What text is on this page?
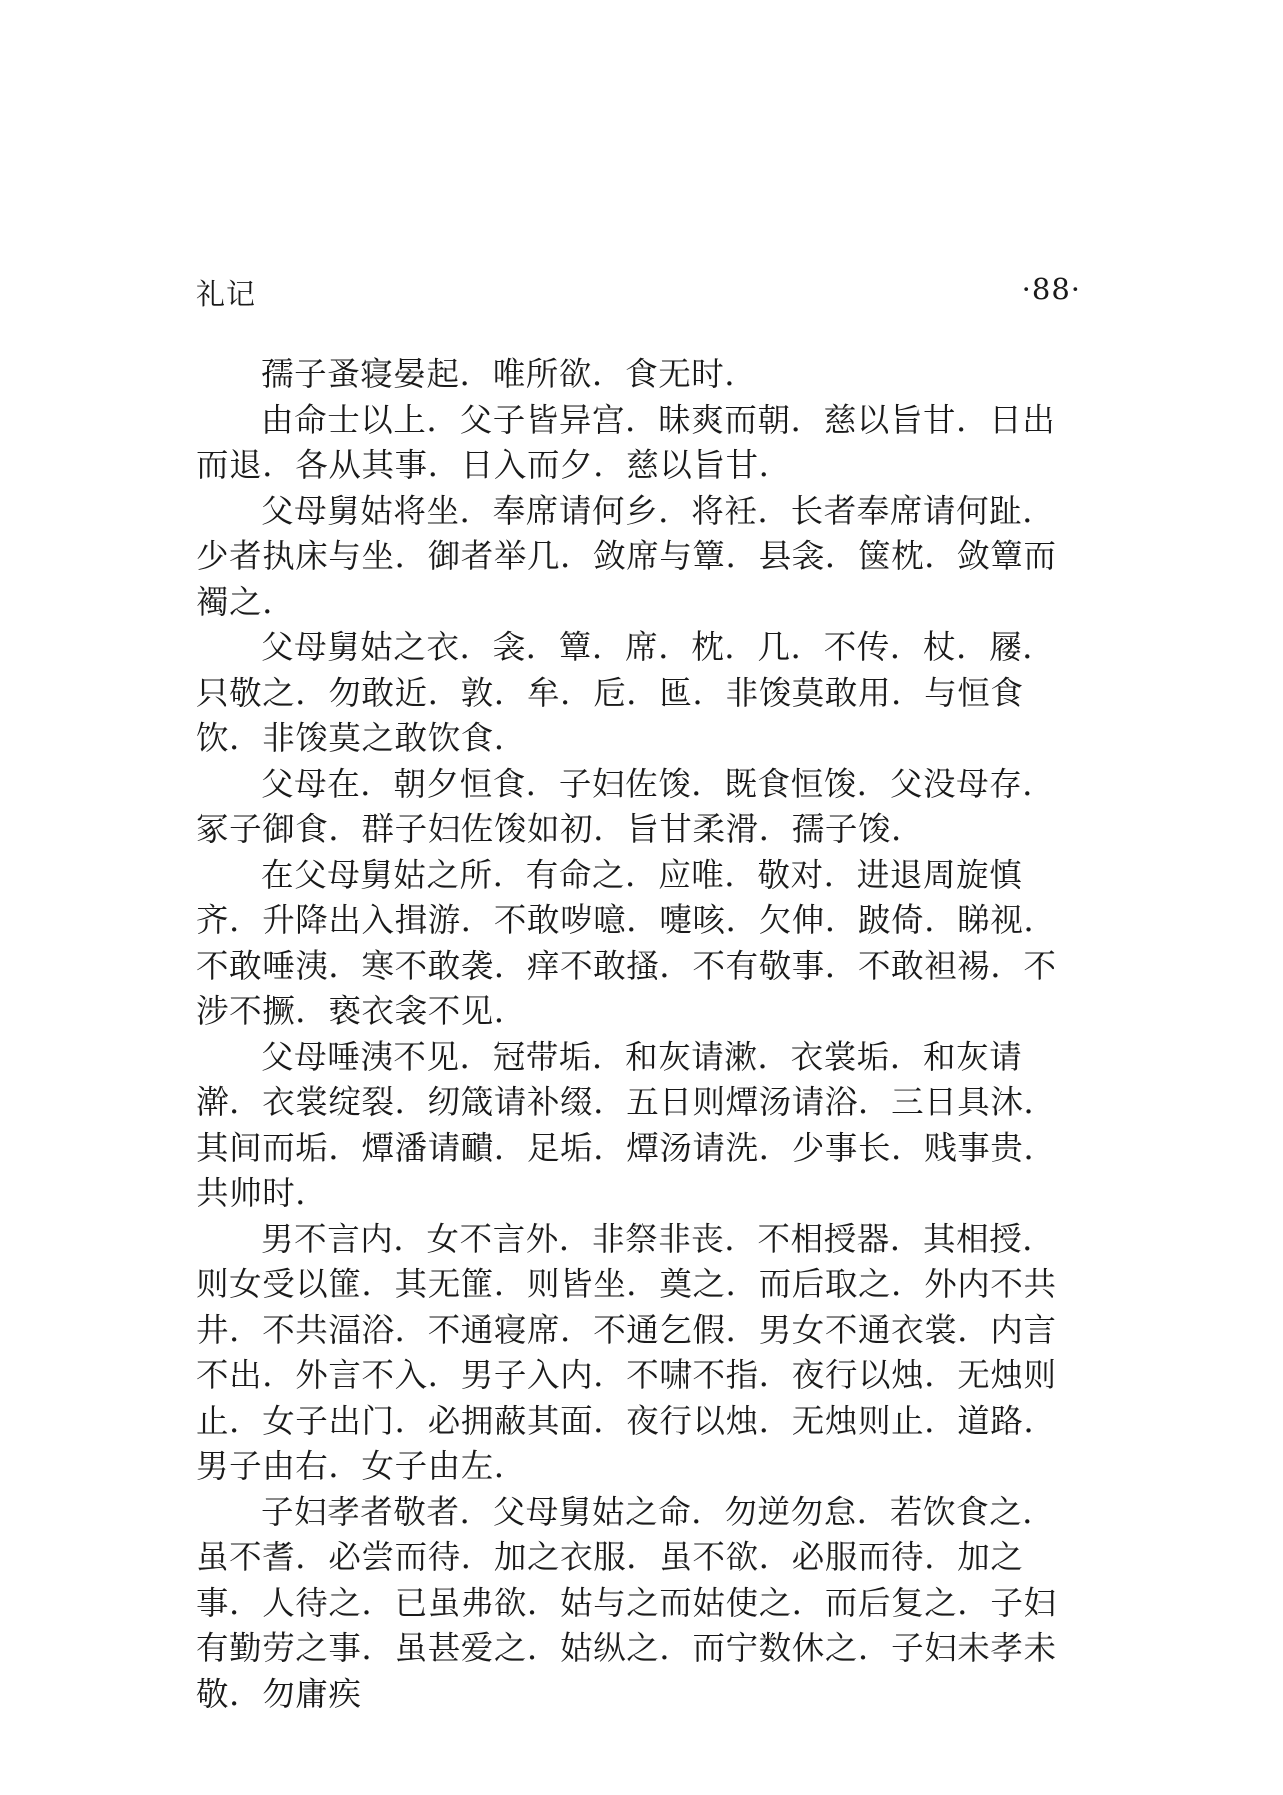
礼记	·88·

孺子蚤寝晏起．唯所欲．食无时．

由命士以上．父子皆异宫．昧爽而朝．慈以旨甘．日出而退．各从其事．日入而夕．慈以旨甘．

父母舅姑将坐．奉席请何乡．将衽．长者奉席请何趾．少者执床与坐．御者举几．敛席与簟．县衾．箧枕．敛簟而襡之．

父母舅姑之衣．衾．簟．席．枕．几．不传．杖．屦．只敬之．勿敢近．敦．牟．卮．匜．非馂莫敢用．与恒食饮．非馂莫之敢饮食．

父母在．朝夕恒食．子妇佐馂．既食恒馂．父没母存．冢子御食．群子妇佐馂如初．旨甘柔滑．孺子馂．

在父母舅姑之所．有命之．应唯．敬对．进退周旋慎齐．升降出入揖游．不敢哕噫．嚏咳．欠伸．跛倚．睇视．不敢唾洟．寒不敢袭．痒不敢搔．不有敬事．不敢袒裼．不涉不撅．亵衣衾不见．

父母唾洟不见．冠带垢．和灰请漱．衣裳垢．和灰请澣．衣裳绽裂．纫箴请补缀．五日则燂汤请浴．三日具沐．其间而垢．燂潘请靧．足垢．燂汤请洗．少事长．贱事贵．共帅时．

男不言内．女不言外．非祭非丧．不相授器．其相授．则女受以篚．其无篚．则皆坐．奠之．而后取之．外内不共井．不共湢浴．不通寝席．不通乞假．男女不通衣裳．内言不出．外言不入．男子入内．不啸不指．夜行以烛．无烛则止．女子出门．必拥蔽其面．夜行以烛．无烛则止．道路．男子由右．女子由左．

子妇孝者敬者．父母舅姑之命．勿逆勿怠．若饮食之．虽不耆．必尝而待．加之衣服．虽不欲．必服而待．加之事．人待之．已虽弗欲．姑与之而姑使之．而后复之．子妇有勤劳之事．虽甚爱之．姑纵之．而宁数休之．子妇未孝未敬．勿庸疾
